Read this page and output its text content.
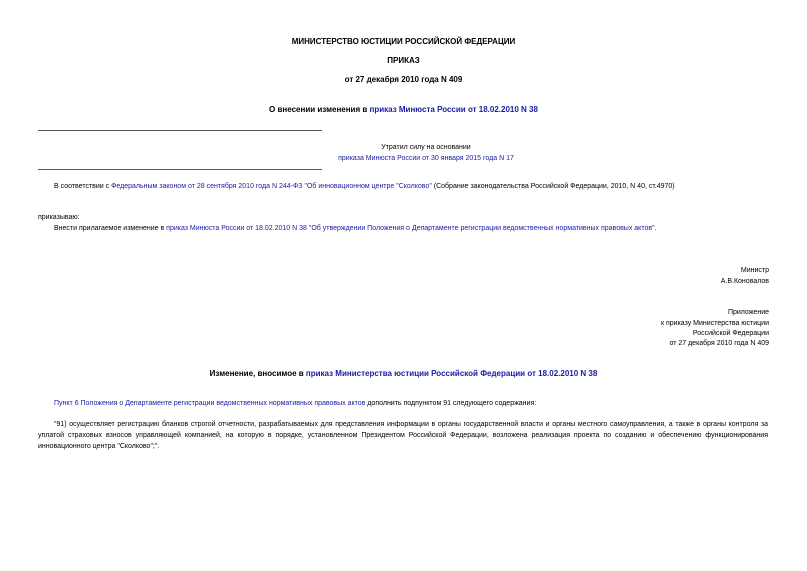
МИНИСТЕРСТВО ЮСТИЦИИ РОССИЙСКОЙ ФЕДЕРАЦИИ
ПРИКАЗ
от 27 декабря 2010 года N 409
О внесении изменения в приказ Минюста России от 18.02.2010 N 38
Утратил силу на основании
приказа Минюста России от 30 января 2015 года N 17
В соответствии с Федеральным законом от 28 сентября 2010 года N 244-ФЗ "Об инновационном центре "Сколково" (Собрание законодательства Российской Федерации, 2010, N 40, ст.4970)
приказываю:
Внести прилагаемое изменение в приказ Минюста России от 18.02.2010 N 38 "Об утверждении Положения о Департаменте регистрации ведомственных нормативных правовых актов".
Министр
А.В.Коновалов
Приложение
к приказу Министерства юстиции
Российской Федерации
от 27 декабря 2010 года N 409
Изменение, вносимое в приказ Министерства юстиции Российской Федерации от 18.02.2010 N 38
Пункт 6 Положения о Департаменте регистрации ведомственных нормативных правовых актов дополнить подпунктом 91 следующего содержания:
"91) осуществляет регистрацию бланков строгой отчетности, разрабатываемых для представления информации в органы государственной власти и органы местного самоуправления, а также в органы контроля за уплатой страховых взносов управляющей компанией, на которую в порядке, установленном Президентом Российской Федерации, возложена реализация проекта по созданию и обеспечению функционирования инновационного центра "Сколково";".
